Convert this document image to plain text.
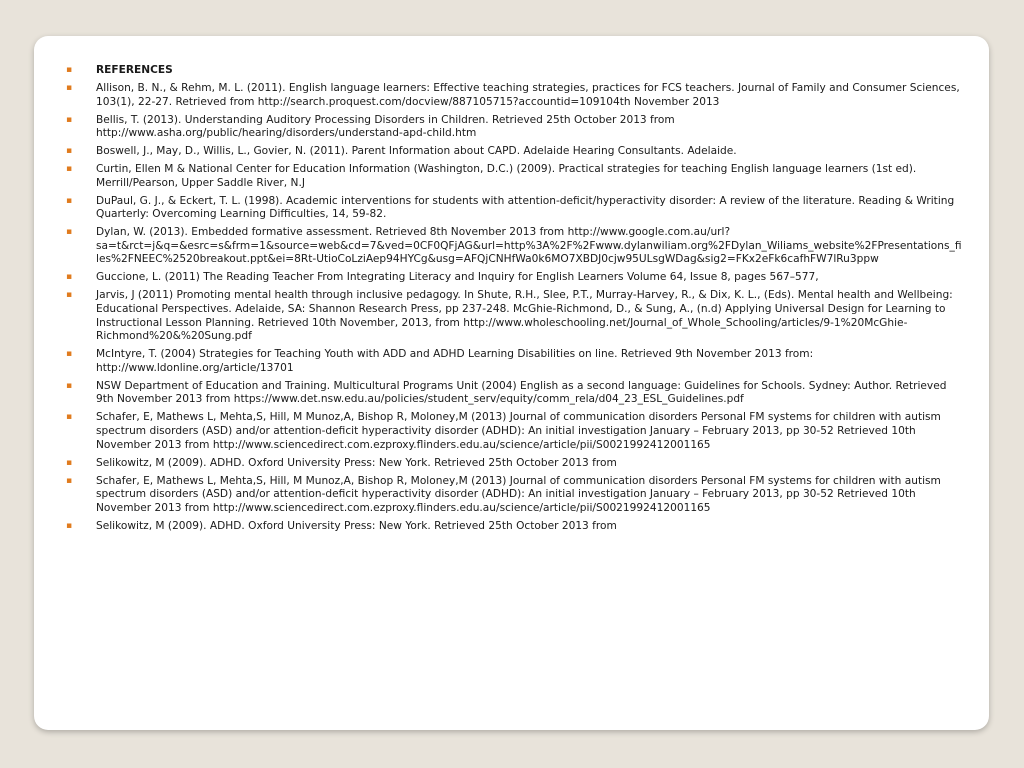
▪ REFERENCES
▪ Allison, B. N., & Rehm, M. L. (2011). English language learners: Effective teaching strategies, practices for FCS teachers. Journal of Family and Consumer Sciences, 103(1), 22-27. Retrieved from http://search.proquest.com/docview/887105715?accountid=109104th November 2013
▪ Bellis, T. (2013). Understanding Auditory Processing Disorders in Children. Retrieved 25th October 2013 from http://www.asha.org/public/hearing/disorders/understand-apd-child.htm
▪ Boswell, J., May, D., Willis, L., Govier, N. (2011). Parent Information about CAPD. Adelaide Hearing Consultants. Adelaide.
▪ Curtin, Ellen M & National Center for Education Information (Washington, D.C.) (2009). Practical strategies for teaching English language learners (1st ed). Merrill/Pearson, Upper Saddle River, N.J
▪ DuPaul, G. J., & Eckert, T. L. (1998). Academic interventions for students with attention-deficit/hyperactivity disorder: A review of the literature. Reading & Writing Quarterly: Overcoming Learning Difficulties, 14, 59-82.
▪ Dylan, W. (2013). Embedded formative assessment. Retrieved 8th November 2013 from http://www.google.com.au/url?sa=t&rct=j&q=&esrc=s&frm=1&source=web&cd=7&ved=0CF0QFjAG&url=http%3A%2F%2Fwww.dylanwiliam.org%2FDylan_Wiliams_website%2FPresentations_files%2FNEEC%2520breakout.ppt&ei=8Rt-UtioCoLziAep94HYCg&usg=AFQjCNHfWa0k6MO7XBDJ0cjw95ULsgWDag&sig2=FKx2eFk6cafhFW7lRu3ppw
▪ Guccione, L. (2011) The Reading Teacher From Integrating Literacy and Inquiry for English Learners Volume 64, Issue 8, pages 567–577,
▪ Jarvis, J (2011) Promoting mental health through inclusive pedagogy. In Shute, R.H., Slee, P.T., Murray-Harvey, R., & Dix, K. L., (Eds). Mental health and Wellbeing: Educational Perspectives. Adelaide, SA: Shannon Research Press, pp 237-248. McGhie-Richmond, D., & Sung, A., (n.d) Applying Universal Design for Learning to Instructional Lesson Planning. Retrieved 10th November, 2013, from http://www.wholeschooling.net/Journal_of_Whole_Schooling/articles/9-1%20McGhie-Richmond%20&%20Sung.pdf
▪ McIntyre, T. (2004) Strategies for Teaching Youth with ADD and ADHD Learning Disabilities on line. Retrieved 9th November 2013 from: http://www.ldonline.org/article/13701
▪ NSW Department of Education and Training. Multicultural Programs Unit (2004) English as a second language: Guidelines for Schools. Sydney: Author. Retrieved 9th November 2013 from https://www.det.nsw.edu.au/policies/student_serv/equity/comm_rela/d04_23_ESL_Guidelines.pdf
▪ Schafer, E, Mathews L, Mehta,S, Hill, M Munoz,A, Bishop R, Moloney,M (2013) Journal of communication disorders Personal FM systems for children with autism spectrum disorders (ASD) and/or attention-deficit hyperactivity disorder (ADHD): An initial investigation January – February 2013, pp 30-52 Retrieved 10th November 2013 from http://www.sciencedirect.com.ezproxy.flinders.edu.au/science/article/pii/S0021992412001165
▪ Selikowitz, M (2009). ADHD. Oxford University Press: New York. Retrieved 25th October 2013 from
▪ Schafer, E, Mathews L, Mehta,S, Hill, M Munoz,A, Bishop R, Moloney,M (2013) Journal of communication disorders Personal FM systems for children with autism spectrum disorders (ASD) and/or attention-deficit hyperactivity disorder (ADHD): An initial investigation January – February 2013, pp 30-52 Retrieved 10th November 2013 from http://www.sciencedirect.com.ezproxy.flinders.edu.au/science/article/pii/S0021992412001165
▪ Selikowitz, M (2009). ADHD. Oxford University Press: New York. Retrieved 25th October 2013 from
